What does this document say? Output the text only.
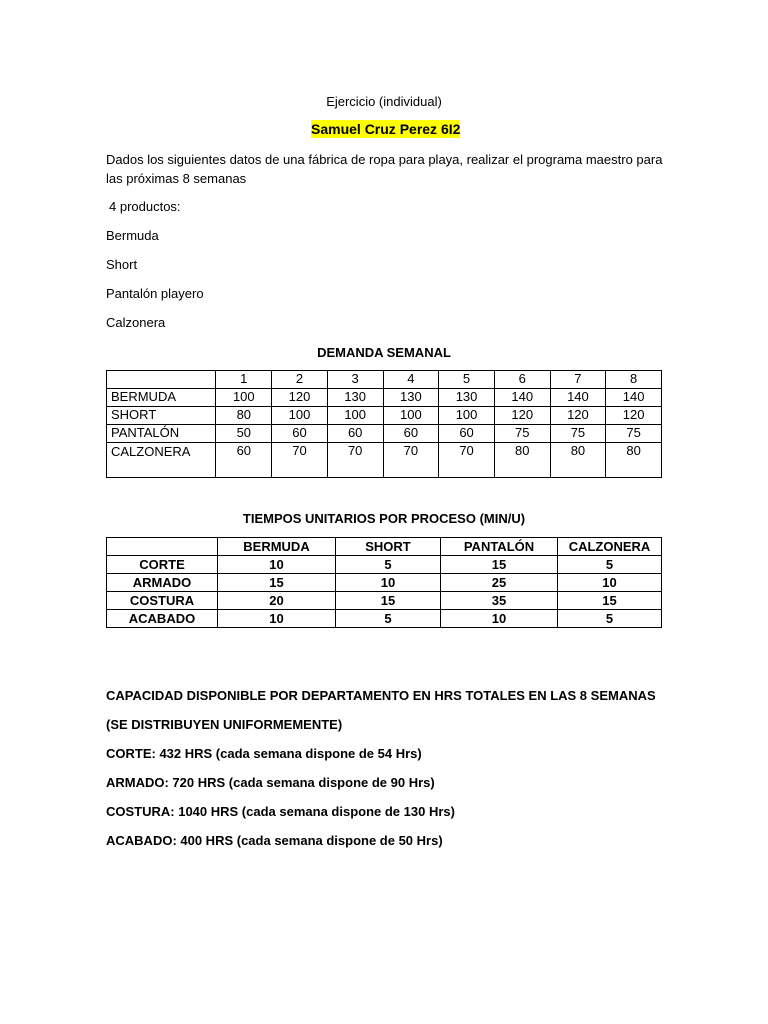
Ejercicio (individual)
Samuel Cruz Perez 6I2
Dados los siguientes datos de una fábrica de ropa para playa, realizar el programa maestro para las próximas 8 semanas
4 productos:
Bermuda
Short
Pantalón playero
Calzonera
DEMANDA SEMANAL
	1	2	3	4	5	6	7	8
BERMUDA	100	120	130	130	130	140	140	140
SHORT	80	100	100	100	100	120	120	120
PANTALÓN	50	60	60	60	60	75	75	75
CALZONERA	60	70	70	70	70	80	80	80
TIEMPOS UNITARIOS POR PROCESO (MIN/U)
	BERMUDA	SHORT	PANTALÓN	CALZONERA
CORTE	10	5	15	5
ARMADO	15	10	25	10
COSTURA	20	15	35	15
ACABADO	10	5	10	5
CAPACIDAD DISPONIBLE POR DEPARTAMENTO EN HRS TOTALES EN LAS 8 SEMANAS
(SE DISTRIBUYEN UNIFORMEMENTE)
CORTE: 432 HRS (cada semana dispone de 54 Hrs)
ARMADO: 720 HRS (cada semana dispone de 90 Hrs)
COSTURA: 1040 HRS (cada semana dispone de 130 Hrs)
ACABADO: 400 HRS (cada semana dispone de 50 Hrs)
